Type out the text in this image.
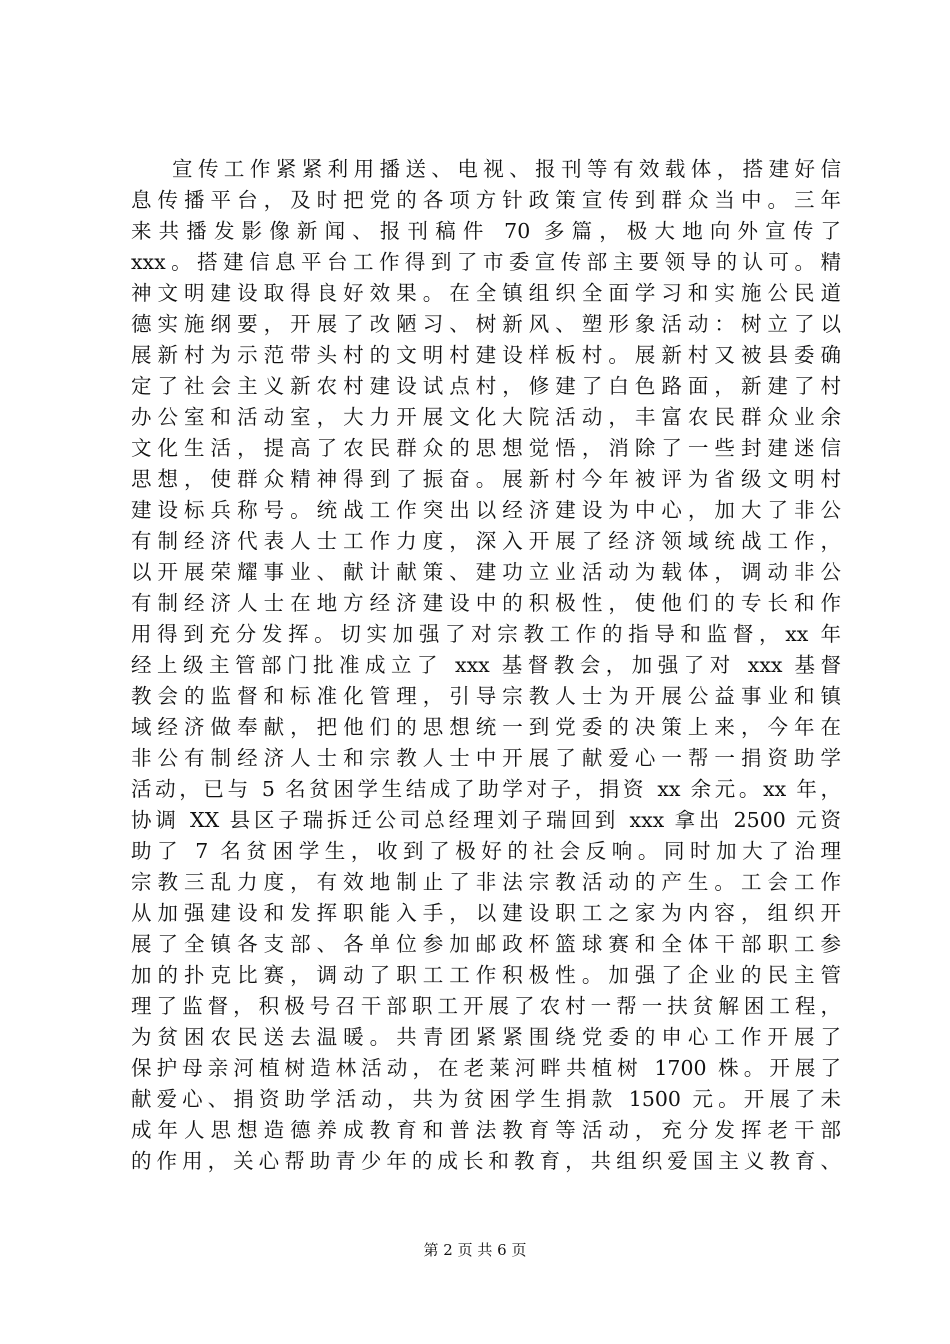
宣传工作紧紧利用播送、电视、报刊等有效载体，搭建好信
息传播平台，及时把党的各项方针政策宣传到群众当中。三年
来共播发影像新闻、报刊稿件 70 多篇，极大地向外宣传了
xxx。搭建信息平台工作得到了市委宣传部主要领导的认可。精
神文明建设取得良好效果。在全镇组织全面学习和实施公民道
德实施纲要，开展了改陋习、树新风、塑形象活动：树立了以
展新村为示范带头村的文明村建设样板村。展新村又被县委确
定了社会主义新农村建设试点村，修建了白色路面，新建了村
办公室和活动室，大力开展文化大院活动，丰富农民群众业余
文化生活，提高了农民群众的思想觉悟，消除了一些封建迷信
思想，使群众精神得到了振奋。展新村今年被评为省级文明村
建设标兵称号。统战工作突出以经济建设为中心，加大了非公
有制经济代表人士工作力度，深入开展了经济领域统战工作，
以开展荣耀事业、献计献策、建功立业活动为载体，调动非公
有制经济人士在地方经济建设中的积极性，使他们的专长和作
用得到充分发挥。切实加强了对宗教工作的指导和监督，xx 年
经上级主管部门批准成立了 xxx 基督教会，加强了对 xxx 基督
教会的监督和标准化管理，引导宗教人士为开展公益事业和镇
域经济做奉献，把他们的思想统一到党委的决策上来，今年在
非公有制经济人士和宗教人士中开展了献爱心一帮一捐资助学
活动，已与 5 名贫困学生结成了助学对子，捐资 xx 余元。xx 年，
协调 XX 县区子瑞拆迁公司总经理刘子瑞回到 xxx 拿出 2500 元资
助了 7 名贫困学生，收到了极好的社会反响。同时加大了治理
宗教三乱力度，有效地制止了非法宗教活动的产生。工会工作
从加强建设和发挥职能入手，以建设职工之家为内容，组织开
展了全镇各支部、各单位参加邮政杯篮球赛和全体干部职工参
加的扑克比赛，调动了职工工作积极性。加强了企业的民主管
理了监督，积极号召干部职工开展了农村一帮一扶贫解困工程，
为贫困农民送去温暖。共青团紧紧围绕党委的申心工作开展了
保护母亲河植树造林活动，在老莱河畔共植树 1700 株。开展了
献爱心、捐资助学活动，共为贫困学生捐款 1500 元。开展了未
成年人思想造德养成教育和普法教育等活动，充分发挥老干部
的作用，关心帮助青少年的成长和教育，共组织爱国主义教育、
第 2 页 共 6 页
